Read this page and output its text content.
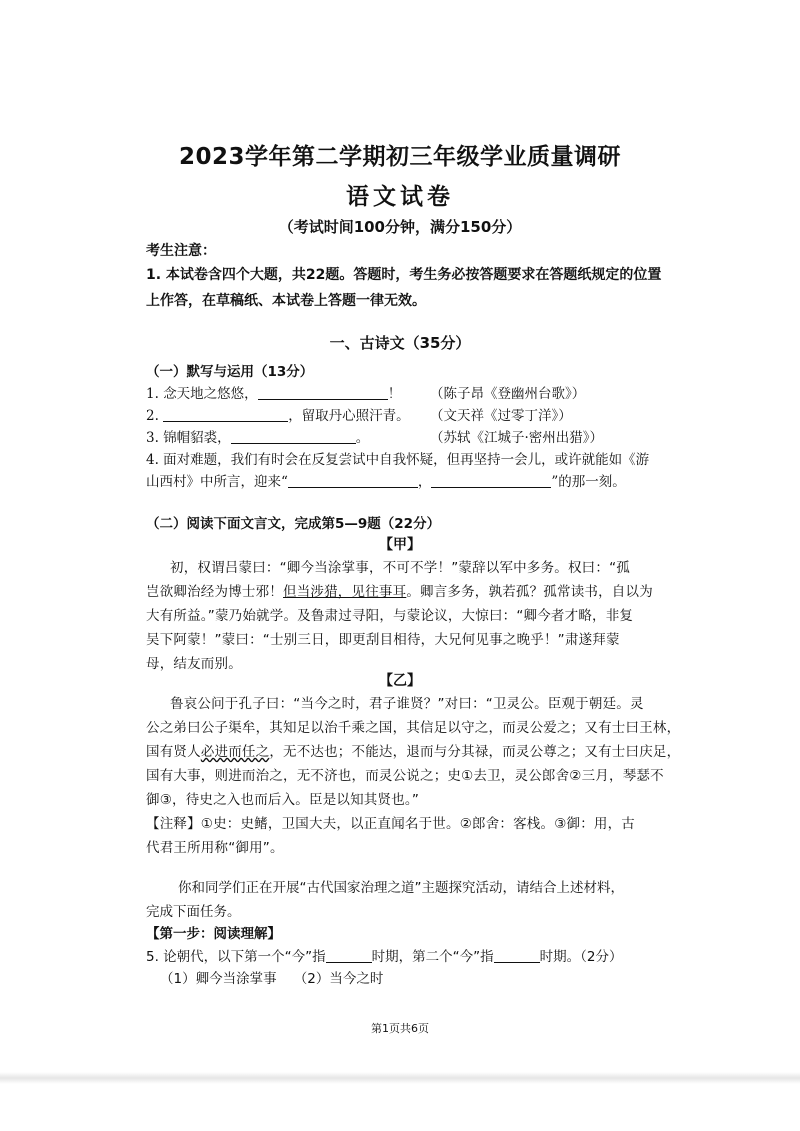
2023学年第二学期初三年级学业质量调研
语文试卷
（考试时间100分钟，满分150分）
考生注意：
1. 本试卷含四个大题，共22题。答题时，考生务必按答题要求在答题纸规定的位置上作答，在草稿纸、本试卷上答题一律无效。
一、古诗文（35分）
（一）默写与运用（13分）
1. 念天地之悠悠，	！ （陈子昂《登幽州台歌》）
2.	，留取丹心照汗青。 （文天祥《过零丁洋》）
3. 锦帽貂裘，	。	（苏轼《江城子·密州出猎》）
4. 面对难题，我们有时会在反复尝试中自我怀疑，但再坚持一会儿，或许就能如《游
山西村》中所言，迎来“	，	”的那一刻。
（二）阅读下面文言文，完成第5—9题（22分）
【甲】
初，权谓吕蒙曰：“卿今当涂掌事，不可不学！”蒙辞以军中多务。权曰：“孤
岂欲卿治经为博士邪！但当涉猎，见往事耳。卿言多务，孰若孤？孤常读书，自以为
大有所益。”蒙乃始就学。及鲁肃过寻阳，与蒙论议，大惊曰：“卿今者才略，非复
吴下阿蒙！”蒙曰：“士别三日，即更刮目相待，大兄何见事之晚乎！”肃遂拜蒙
母，结友而别。
【乙】
鲁哀公问于孔子曰：“当今之时，君子谁贤？”对曰：“卫灵公。臣观于朝廷。灵
公之弟曰公子渠牟，其知足以治千乘之国，其信足以守之，而灵公爱之；又有士曰王林，
国有贤人必进而任之，无不达也；不能达，退而与分其禄，而灵公尊之；又有士曰庆足，
国有大事，则进而治之，无不济也，而灵公说之；史①去卫，灵公郎舍②三月，琴瑟不
御③，待史之入也而后入。臣是以知其贤也。”
【注释】①史：史鳍，卫国大夫，以正直闻名于世。②郎舍：客栈。③御：用，古
代君王所用称“御用”。
你和同学们正在开展“古代国家治理之道”主题探究活动，请结合上述材料，
完成下面任务。
【第一步：阅读理解】
5. 论朝代，以下第一个“今”指	时期，第二个“今”指	时期。（2分）
（1）卿今当涂掌事 （2）当今之时
第1页共6页
